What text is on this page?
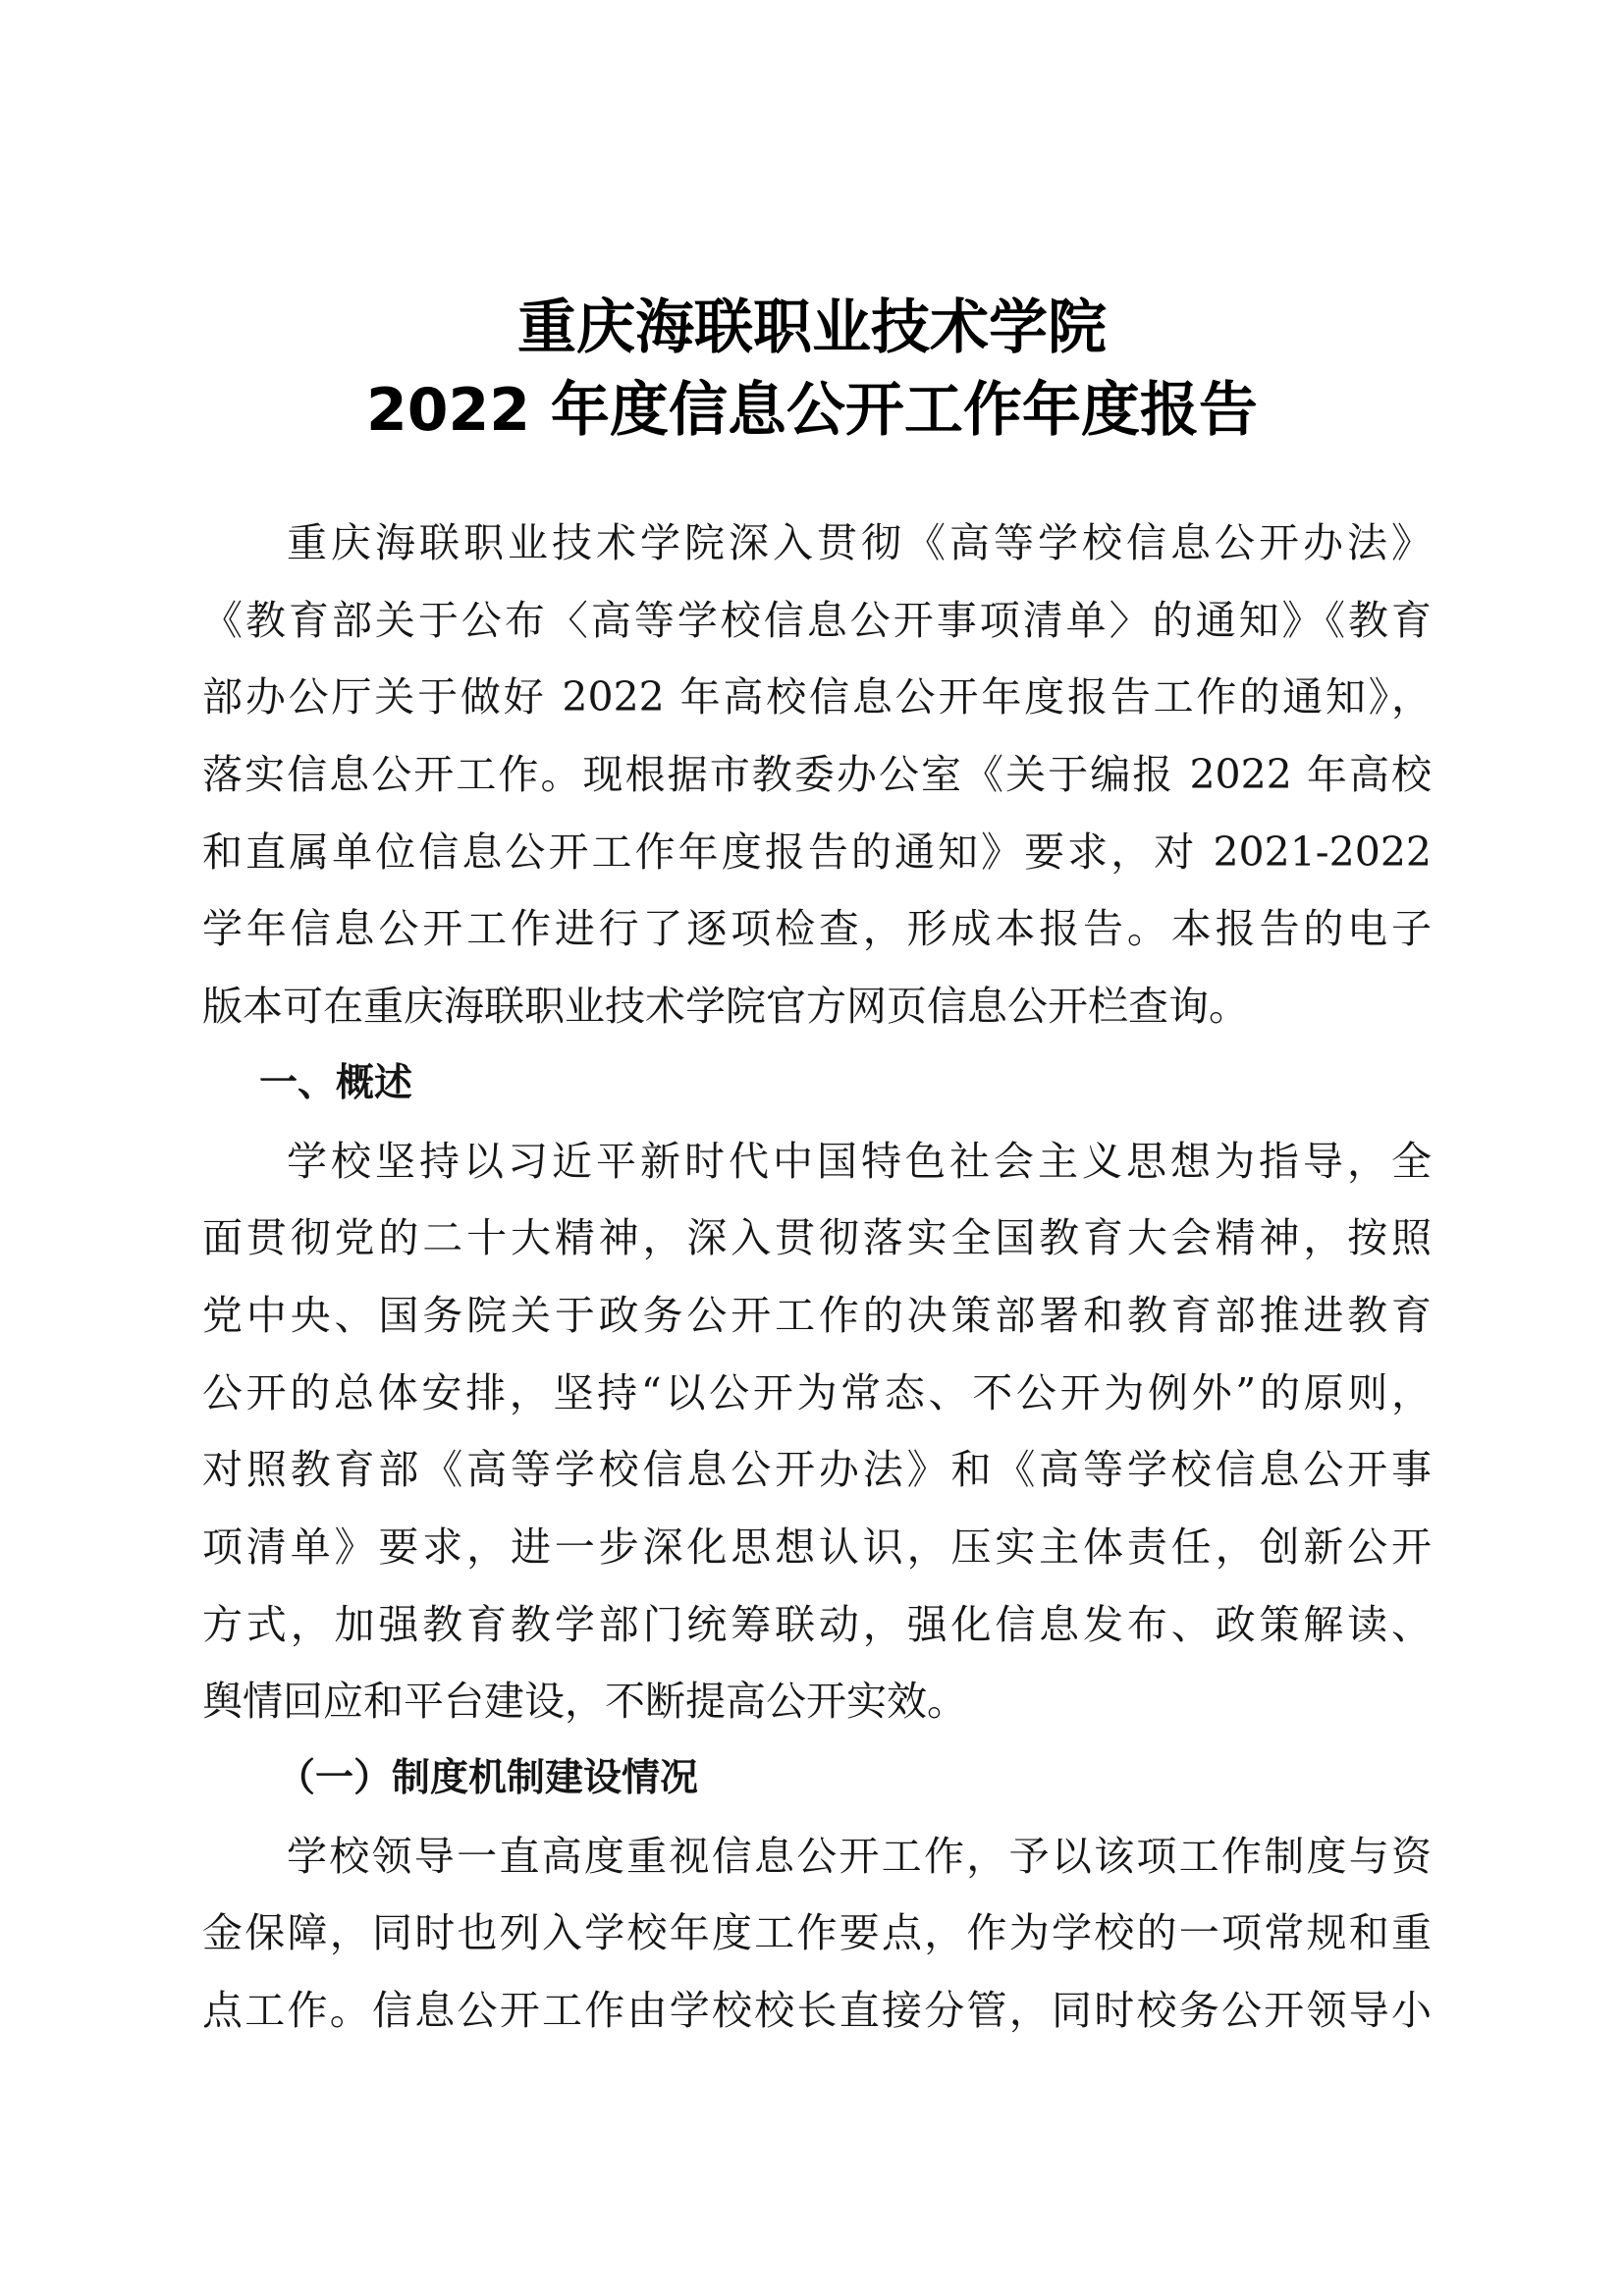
重庆海联职业技术学院
2022 年度信息公开工作年度报告
重庆海联职业技术学院深入贯彻《高等学校信息公开办法》
《教育部关于公布〈高等学校信息公开事项清单〉的通知》《教育
部办公厅关于做好 2022 年高校信息公开年度报告工作的通知》，
落实信息公开工作。现根据市教委办公室《关于编报 2022 年高校
和直属单位信息公开工作年度报告的通知》要求，对 2021-2022
学年信息公开工作进行了逐项检查，形成本报告。本报告的电子
版本可在重庆海联职业技术学院官方网页信息公开栏查询。
一、概述
学校坚持以习近平新时代中国特色社会主义思想为指导，全
面贯彻党的二十大精神，深入贯彻落实全国教育大会精神，按照
党中央、国务院关于政务公开工作的决策部署和教育部推进教育
公开的总体安排，坚持“以公开为常态、不公开为例外”的原则，
对照教育部《高等学校信息公开办法》和《高等学校信息公开事
项清单》要求，进一步深化思想认识，压实主体责任，创新公开
方式，加强教育教学部门统筹联动，强化信息发布、政策解读、
舆情回应和平台建设，不断提高公开实效。
（一）制度机制建设情况
学校领导一直高度重视信息公开工作，予以该项工作制度与资
金保障，同时也列入学校年度工作要点，作为学校的一项常规和重
点工作。信息公开工作由学校校长直接分管，同时校务公开领导小
